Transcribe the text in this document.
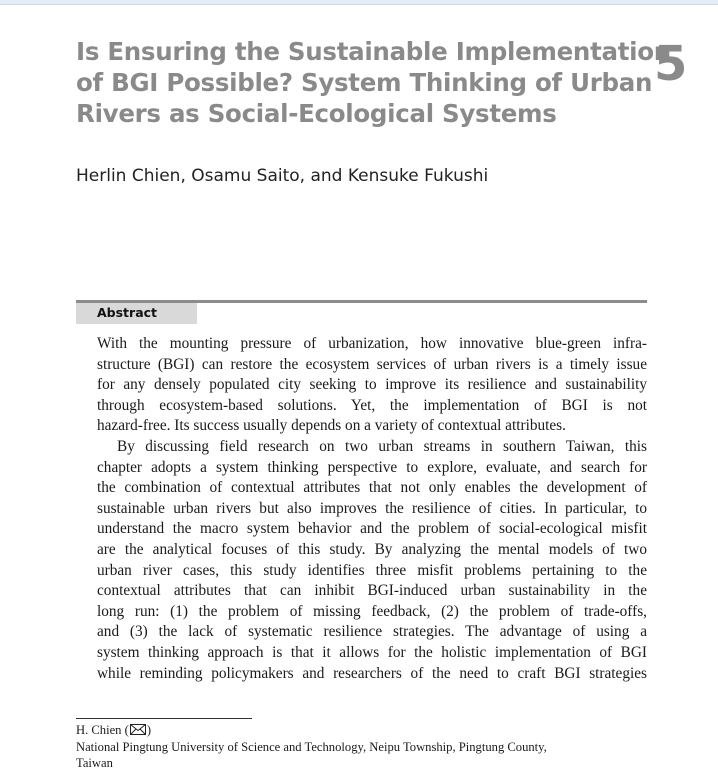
Is Ensuring the Sustainable Implementation
of BGI Possible? System Thinking of Urban
Rivers as Social-Ecological Systems
5
Herlin Chien, Osamu Saito, and Kensuke Fukushi
Abstract
With the mounting pressure of urbanization, how innovative blue-green infra-
structure (BGI) can restore the ecosystem services of urban rivers is a timely issue
for any densely populated city seeking to improve its resilience and sustainability
through ecosystem-based solutions. Yet, the implementation of BGI is not
hazard-free. Its success usually depends on a variety of contextual attributes.
By discussing field research on two urban streams in southern Taiwan, this
chapter adopts a system thinking perspective to explore, evaluate, and search for
the combination of contextual attributes that not only enables the development of
sustainable urban rivers but also improves the resilience of cities. In particular, to
understand the macro system behavior and the problem of social-ecological misfit
are the analytical focuses of this study. By analyzing the mental models of two
urban river cases, this study identifies three misfit problems pertaining to the
contextual attributes that can inhibit BGI-induced urban sustainability in the
long run: (1) the problem of missing feedback, (2) the problem of trade-offs,
and (3) the lack of systematic resilience strategies. The advantage of using a
system thinking approach is that it allows for the holistic implementation of BGI
while reminding policymakers and researchers of the need to craft BGI strategies
H. Chien ( )
National Pingtung University of Science and Technology, Neipu Township, Pingtung County,
Taiwan
